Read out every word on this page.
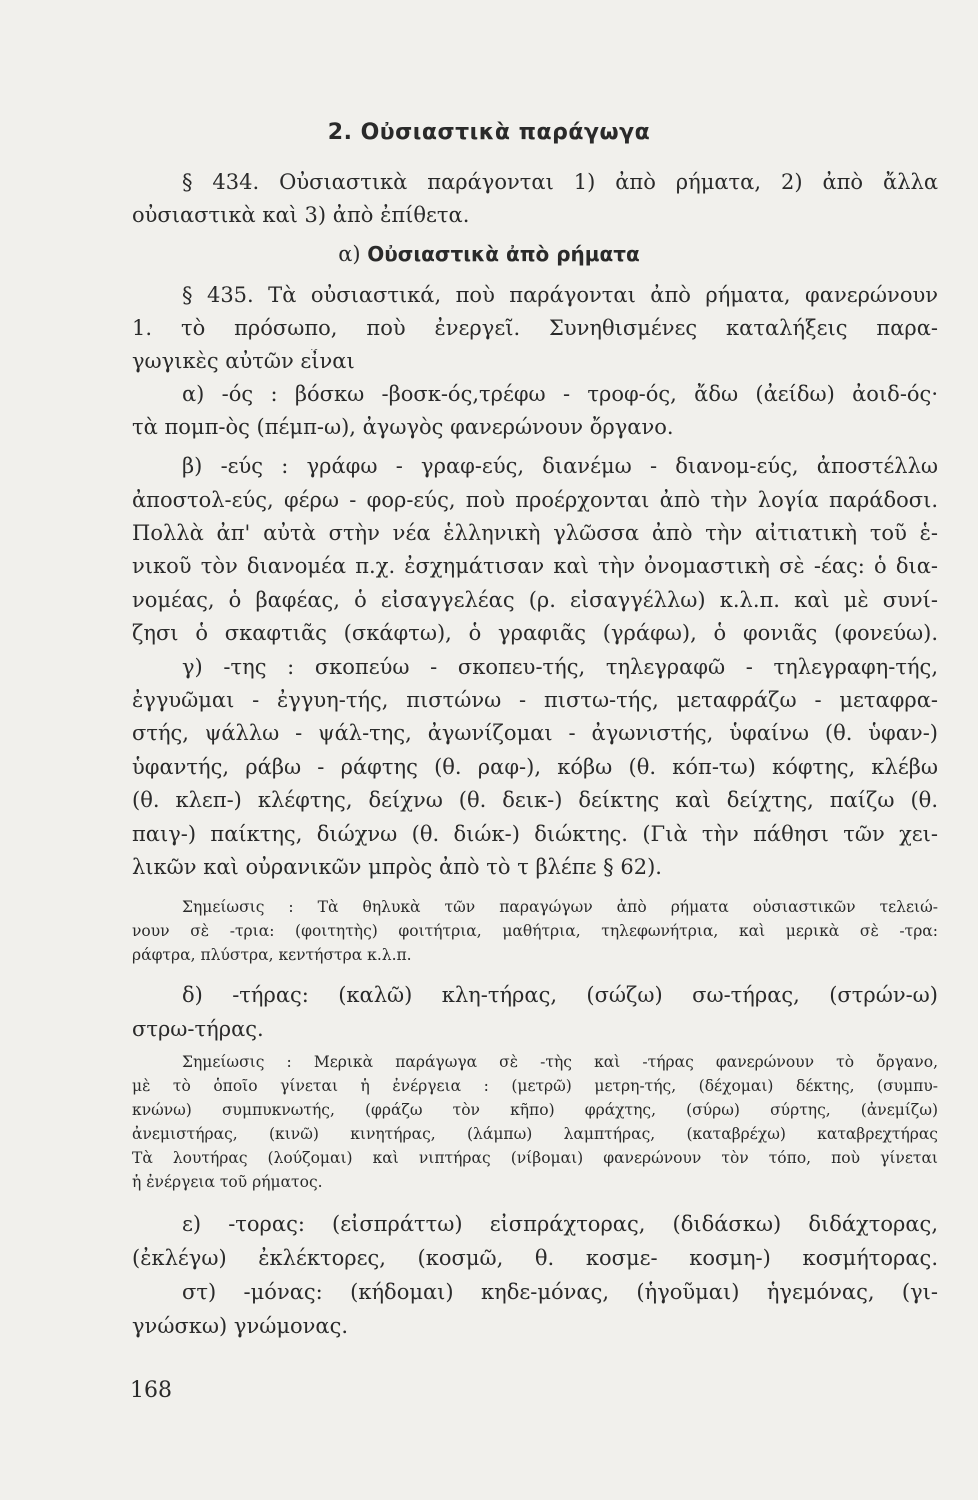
2. Οὐσιαστικὰ παράγωγα
α) Οὐσιαστικὰ ἀπὸ ρήματα
§ 434. Οὐσιαστικὰ παράγονται 1) ἀπὸ ρήματα, 2) ἀπὸ ἄλλα
οὐσιαστικὰ καὶ 3) ἀπὸ ἐπίθετα.
§ 435. Τὰ οὐσιαστικά, ποὺ παράγονται ἀπὸ ρήματα, φανερώνουν
1. τὸ πρόσωπο, ποὺ ἐνεργεῖ. Συνηθισμένες καταλήξεις παρα-
γωγικὲς αὐτῶν εἶναι
α) -ός : βόσκω -βοσκ-ός,τρέφω - τροφ-ός, ἄδω (ἀείδω) ἀοιδ-ός·
τὰ πομπ-ὸς (πέμπ-ω), ἀγωγὸς φανερώνουν ὄργανο.
β) -εύς : γράφω - γραφ-εύς, διανέμω - διανομ-εύς, ἀποστέλλω
ἀποστολ-εύς, φέρω - φορ-εύς, ποὺ προέρχονται ἀπὸ τὴν λογία παράδοσι.
Πολλὰ ἀπ' αὐτὰ στὴν νέα ἑλληνικὴ γλῶσσα ἀπὸ τὴν αἰτιατικὴ τοῦ ἑ-
νικοῦ τὸν διανομέα π.χ. ἐσχημάτισαν καὶ τὴν ὀνομαστικὴ σὲ -έας: ὁ δια-
νομέας, ὁ βαφέας, ὁ εἰσαγγελέας (ρ. εἰσαγγέλλω) κ.λ.π. καὶ μὲ συνί-
ζησι ὁ σκαφτιᾶς (σκάφτω), ὁ γραφιᾶς (γράφω), ὁ φονιᾶς (φονεύω).
γ) -της : σκοπεύω - σκοπευ-τής, τηλεγραφῶ - τηλεγραφη-τής,
ἐγγυῶμαι - ἐγγυη-τής, πιστώνω - πιστω-τής, μεταφράζω - μεταφρα-
στής, ψάλλω - ψάλ-της, ἀγωνίζομαι - ἀγωνιστής, ὑφαίνω (θ. ὑφαν-)
ὑφαντής, ράβω - ράφτης (θ. ραφ-), κόβω (θ. κόπ-τω) κόφτης, κλέβω
(θ. κλεπ-) κλέφτης, δείχνω (θ. δεικ-) δείκτης καὶ δείχτης, παίζω (θ.
παιγ-) παίκτης, διώχνω (θ. διώκ-) διώκτης. (Γιὰ τὴν πάθησι τῶν χει-
λικῶν καὶ οὐρανικῶν μπρὸς ἀπὸ τὸ τ βλέπε § 62).
Σημείωσις : Τὰ θηλυκὰ τῶν παραγώγων ἀπὸ ρήματα οὐσιαστικῶν τελειώ-
νουν σὲ -τρια: (φοιτητὴς) φοιτήτρια, μαθήτρια, τηλεφωνήτρια, καὶ μερικὰ σὲ -τρα:
ράφτρα, πλύστρα, κεντήστρα κ.λ.π.
δ) -τήρας: (καλῶ) κλη-τήρας, (σώζω) σω-τήρας, (στρών-ω)
στρω-τήρας.
Σημείωσις : Μερικὰ παράγωγα σὲ -τὴς καὶ -τήρας φανερώνουν τὸ ὄργανο,
μὲ τὸ ὁποῖο γίνεται ἡ ἐνέργεια : (μετρῶ) μετρη-τής, (δέχομαι) δέκτης, (συμπυ-
κνώνω) συμπυκνωτής, (φράζω τὸν κῆπο) φράχτης, (σύρω) σύρτης, (ἀνεμίζω)
ἀνεμιστήρας, (κινῶ) κινητήρας, (λάμπω) λαμπτήρας, (καταβρέχω) καταβρεχτήρας
Τὰ λουτήρας (λούζομαι) καὶ νιπτήρας (νίβομαι) φανερώνουν τὸν τόπο, ποὺ γίνεται
ἡ ἐνέργεια τοῦ ρήματος.
ε) -τορας: (εἰσπράττω) εἰσπράχτορας, (διδάσκω) διδάχτορας,
(ἐκλέγω) ἐκλέκτορες, (κοσμῶ, θ. κοσμε- κοσμη-) κοσμήτορας.
στ) -μόνας: (κήδομαι) κηδε-μόνας, (ἡγοῦμαι) ἡγεμόνας, (γι-
γνώσκω) γνώμονας.
168
